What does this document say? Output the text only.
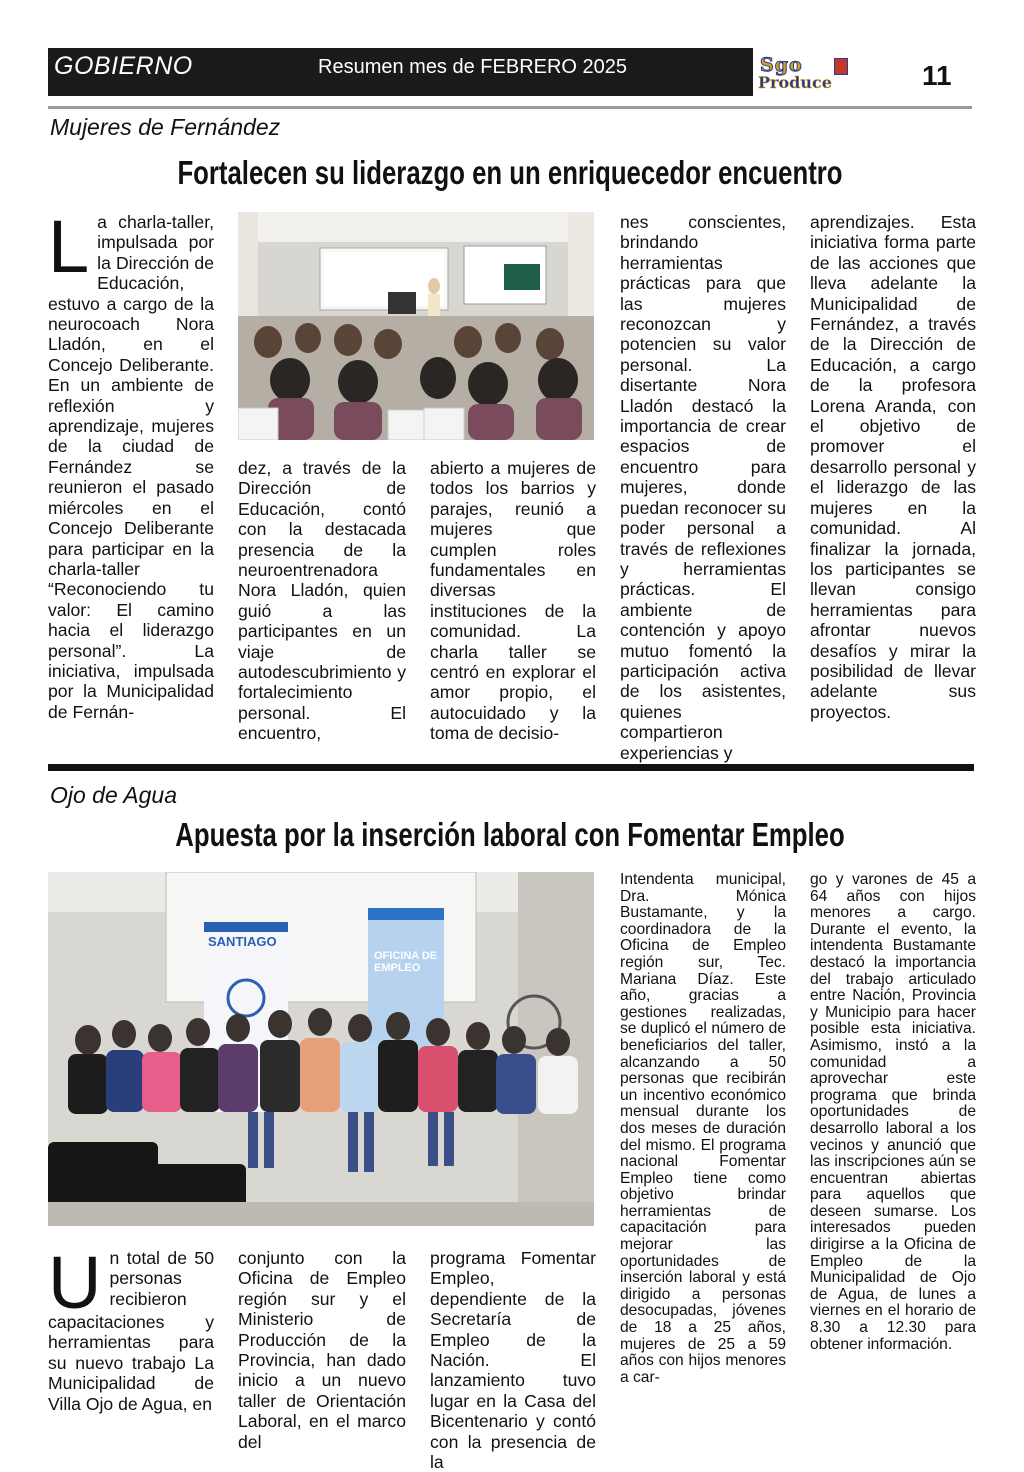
GOBIERNO	Resumen mes de FEBRERO 2025	Sgo
Produce	11
Mujeres de Fernández
Fortalecen su liderazgo en un enriquecedor encuentro
La charla-taller, impulsada por la Dirección de Educación, estuvo a cargo de la neurocoach Nora Lladón, en el Concejo Deliberante. En un ambiente de reflexión y aprendizaje, mujeres de la ciudad de Fernández se reunieron el pasado miércoles en el Concejo Deliberante para participar en la charla-taller “Reconociendo tu valor: El camino hacia el liderazgo personal”. La iniciativa, impulsada por la Municipalidad de Fernán-
dez, a través de la Dirección de Educación, contó con la destacada presencia de la neuroentrenadora Nora Lladón, quien guió a las participantes en un viaje de autodescubrimiento y fortalecimiento personal. El encuentro,
abierto a mujeres de todos los barrios y parajes, reunió a mujeres que cumplen roles fundamentales en diversas instituciones de la comunidad. La charla taller se centró en explorar el amor propio, el autocuidado y la toma de decisio-
nes conscientes, brindando herramientas prácticas para que las mujeres reconozcan y potencien su valor personal. La disertante Nora Lladón destacó la importancia de crear espacios de encuentro para mujeres, donde puedan reconocer su poder personal a través de reflexiones y herramientas prácticas. El ambiente de contención y apoyo mutuo fomentó la participación activa de los asistentes, quienes compartieron experiencias y
aprendizajes. Esta iniciativa forma parte de las acciones que lleva adelante la Municipalidad de Fernández, a través de la Dirección de Educación, a cargo de la profesora Lorena Aranda, con el objetivo de promover el desarrollo personal y el liderazgo de las mujeres en la comunidad. Al finalizar la jornada, los participantes se llevan consigo herramientas para afrontar nuevos desafíos y mirar la posibilidad de llevar adelante sus proyectos.
Ojo de Agua
Apuesta por la inserción laboral con Fomentar Empleo
SANTIAGO
OFICINA DE EMPLEO
Un total de 50 personas recibieron capacitaciones y herramientas para su nuevo trabajo La Municipalidad de Villa Ojo de Agua, en
conjunto con la Oficina de Empleo región sur y el Ministerio de Producción de la Provincia, han dado inicio a un nuevo taller de Orientación Laboral, en el marco del
programa Fomentar Empleo, dependiente de la Secretaría de Empleo de la Nación. El lanzamiento tuvo lugar en la Casa del Bicentenario y contó con la presencia de la
Intendenta municipal, Dra. Mónica Bustamante, y la coordinadora de la Oficina de Empleo región sur, Tec. Mariana Díaz. Este año, gracias a gestiones realizadas, se duplicó el número de beneficiarios del taller, alcanzando a 50 personas que recibirán un incentivo económico mensual durante los dos meses de duración del mismo. El programa nacional Fomentar Empleo tiene como objetivo brindar herramientas de capacitación para mejorar las oportunidades de inserción laboral y está dirigido a personas desocupadas, jóvenes de 18 a 25 años, mujeres de 25 a 59 años con hijos menores a car-
go y varones de 45 a 64 años con hijos menores a cargo. Durante el evento, la intendenta Bustamante destacó la importancia del trabajo articulado entre Nación, Provincia y Municipio para hacer posible esta iniciativa. Asimismo, instó a la comunidad a aprovechar este programa que brinda oportunidades de desarrollo laboral a los vecinos y anunció que las inscripciones aún se encuentran abiertas para aquellos que deseen sumarse. Los interesados pueden dirigirse a la Oficina de Empleo de la Municipalidad de Ojo de Agua, de lunes a viernes en el horario de 8.30 a 12.30 para obtener información.
